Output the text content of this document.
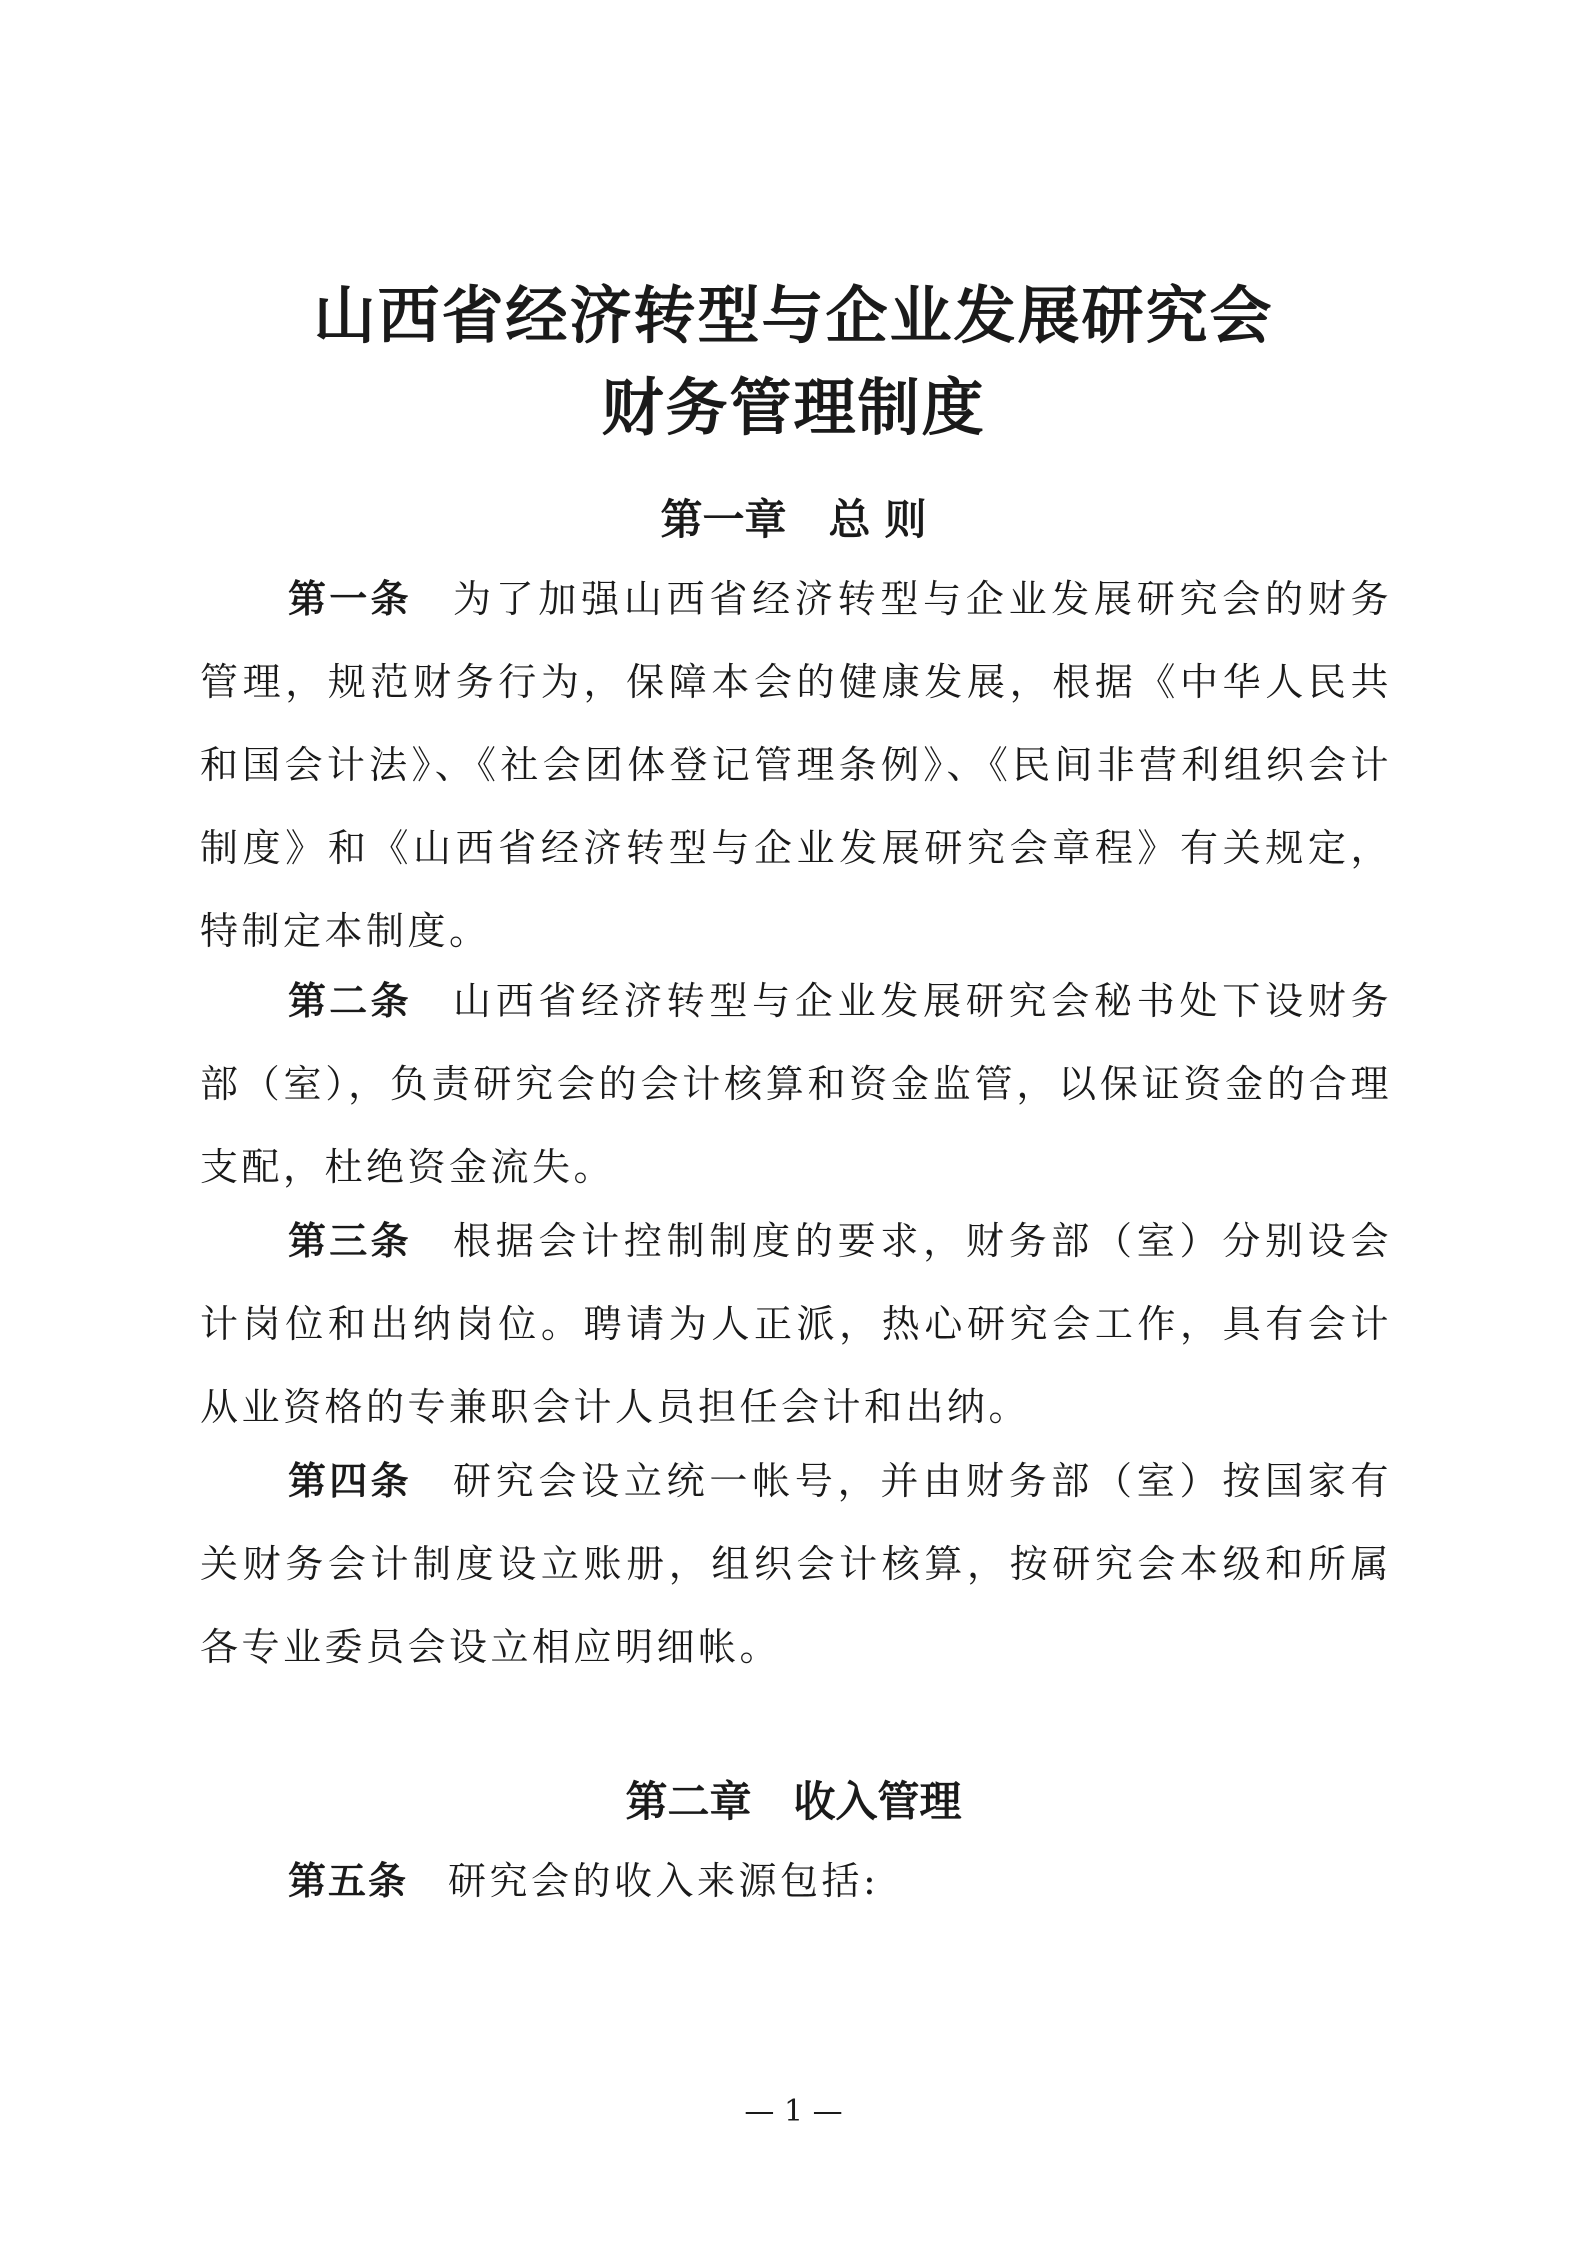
山西省经济转型与企业发展研究会
财务管理制度
第一章 总 则

第一条 为了加强山西省经济转型与企业发展研究会的财务管理，规范财务行为，保障本会的健康发展，根据《中华人民共和国会计法》、《社会团体登记管理条例》、《民间非营利组织会计制度》和《山西省经济转型与企业发展研究会章程》有关规定，特制定本制度。

第二条 山西省经济转型与企业发展研究会秘书处下设财务部（室），负责研究会的会计核算和资金监管，以保证资金的合理支配，杜绝资金流失。

第三条 根据会计控制制度的要求，财务部（室）分别设会计岗位和出纳岗位。聘请为人正派，热心研究会工作，具有会计从业资格的专兼职会计人员担任会计和出纳。

第四条 研究会设立统一帐号，并由财务部（室）按国家有关财务会计制度设立账册，组织会计核算，按研究会本级和所属各专业委员会设立相应明细帐。

第二章 收入管理

第五条 研究会的收入来源包括:

— 1 —
